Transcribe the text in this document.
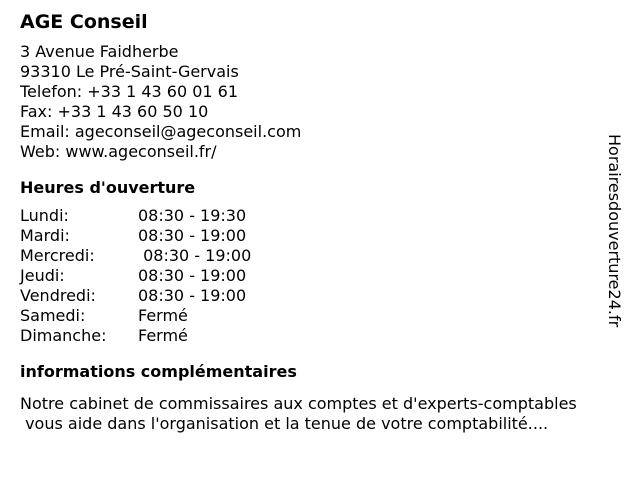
AGE Conseil
3 Avenue Faidherbe
93310 Le Pré-Saint-Gervais
Telefon: +33 1 43 60 01 61
Fax: +33 1 43 60 50 10
Email: ageconseil@ageconseil.com
Web: www.ageconseil.fr/
Heures d'ouverture
Lundi:	08:30 - 19:30
Mardi:	08:30 - 19:00
Mercredi:	08:30 - 19:00
Jeudi:	08:30 - 19:00
Vendredi:	08:30 - 19:00
Samedi:	Fermé
Dimanche:	Fermé
informations complémentaires
Notre cabinet de commissaires aux comptes et d'experts-comptables
vous aide dans l'organisation et la tenue de votre comptabilité....
Horairesdouverture24.fr
